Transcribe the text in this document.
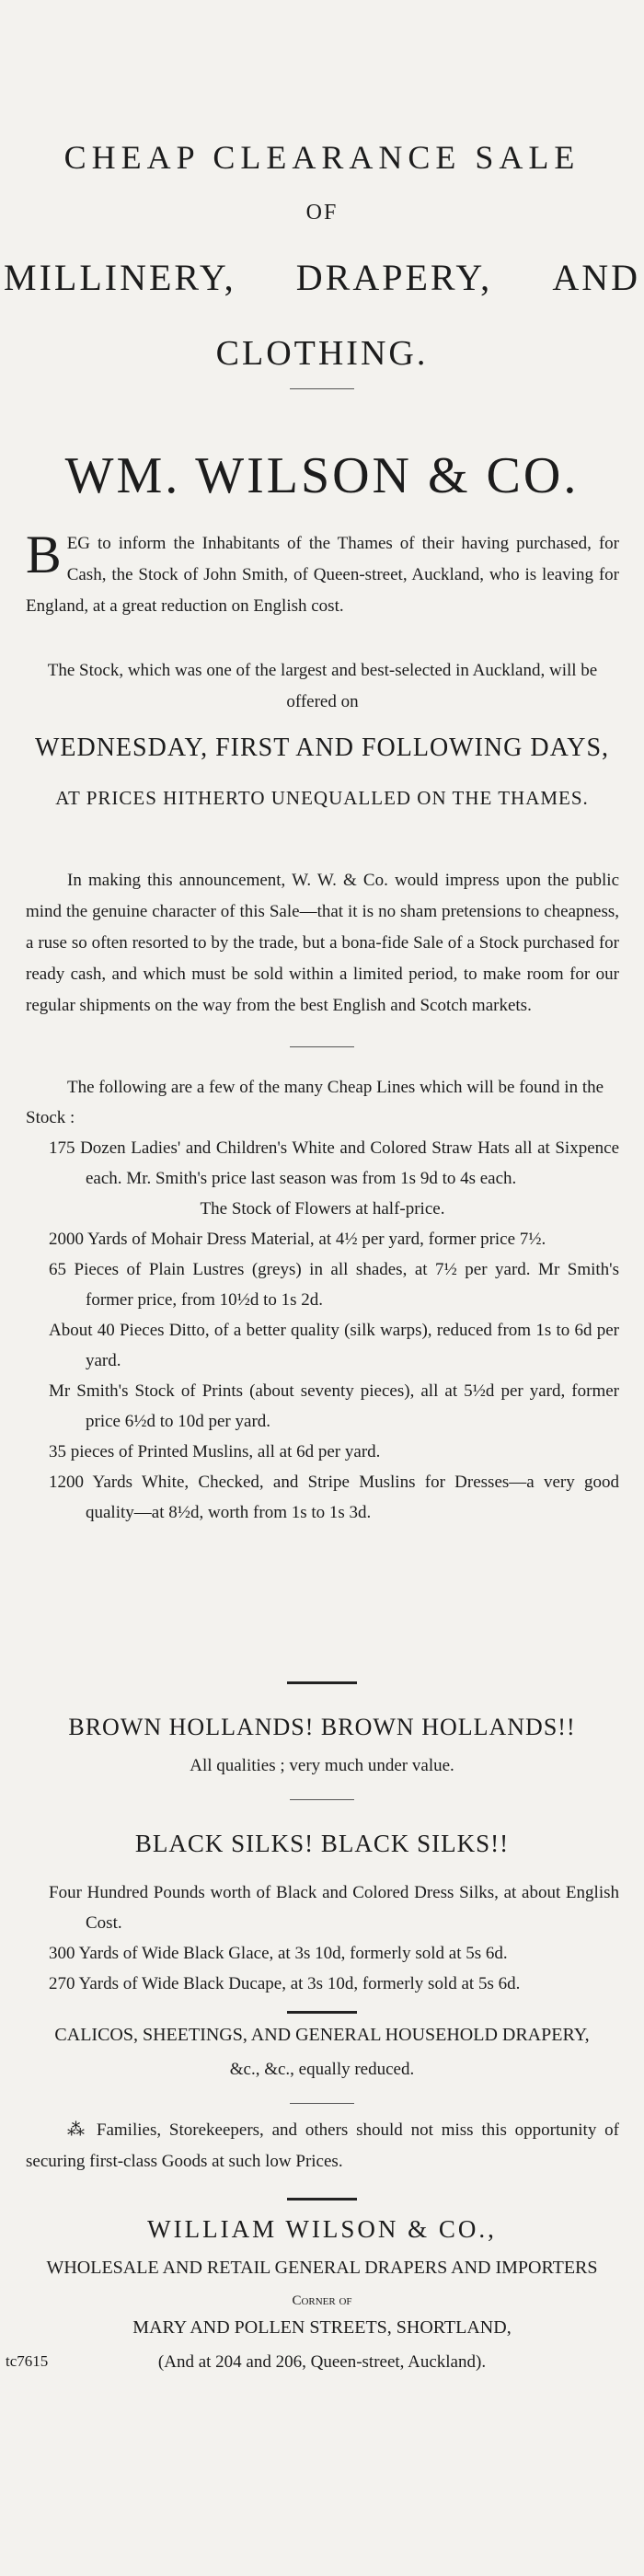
CHEAP CLEARANCE SALE
OF
MILLINERY, DRAPERY, AND
CLOTHING.
WM. WILSON & CO.
BEG to inform the Inhabitants of the Thames of their having purchased, for Cash, the Stock of John Smith, of Queen-street, Auckland, who is leaving for England, at a great reduction on English cost.
The Stock, which was one of the largest and best-selected in Auckland, will be offered on
WEDNESDAY, FIRST AND FOLLOWING DAYS,
AT PRICES HITHERTO UNEQUALLED ON THE THAMES.
In making this announcement, W. W. & Co. would impress upon the public mind the genuine character of this Sale—that it is no sham pretensions to cheapness, a ruse so often resorted to by the trade, but a bona-fide Sale of a Stock purchased for ready cash, and which must be sold within a limited period, to make room for our regular shipments on the way from the best English and Scotch markets.
The following are a few of the many Cheap Lines which will be found in the Stock :
175 Dozen Ladies' and Children's White and Colored Straw Hats all at Sixpence each. Mr. Smith's price last season was from 1s 9d to 4s each.
The Stock of Flowers at half-price.
2000 Yards of Mohair Dress Material, at 4½ per yard, former price 7½.
65 Pieces of Plain Lustres (greys) in all shades, at 7½ per yard. Mr Smith's former price, from 10½d to 1s 2d.
About 40 Pieces Ditto, of a better quality (silk warps), reduced from 1s to 6d per yard.
Mr Smith's Stock of Prints (about seventy pieces), all at 5½d per yard, former price 6½d to 10d per yard.
35 pieces of Printed Muslins, all at 6d per yard.
1200 Yards White, Checked, and Stripe Muslins for Dresses—a very good quality—at 8½d, worth from 1s to 1s 3d.
BROWN HOLLANDS! BROWN HOLLANDS!!
All qualities ; very much under value.
BLACK SILKS! BLACK SILKS!!
Four Hundred Pounds worth of Black and Colored Dress Silks, at about English Cost.
300 Yards of Wide Black Glace, at 3s 10d, formerly sold at 5s 6d.
270 Yards of Wide Black Ducape, at 3s 10d, formerly sold at 5s 6d.
CALICOS, SHEETINGS, AND GENERAL HOUSEHOLD DRAPERY,
&c., &c., equally reduced.
⁂ Families, Storekeepers, and others should not miss this opportunity of securing first-class Goods at such low Prices.
WILLIAM WILSON & CO.,
WHOLESALE AND RETAIL GENERAL DRAPERS AND IMPORTERS
Corner of
MARY AND POLLEN STREETS, SHORTLAND,
(And at 204 and 206, Queen-street, Auckland).
tc7615
